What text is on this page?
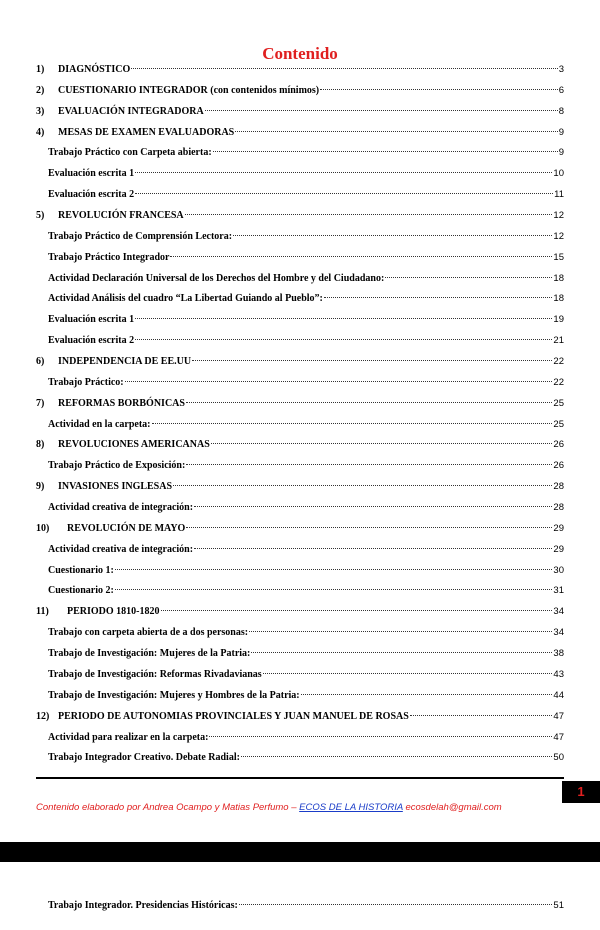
Contenido
1)	DIAGNÓSTICO	3
2)	CUESTIONARIO INTEGRADOR (con contenidos mínimos)	6
3)	EVALUACIÓN INTEGRADORA	8
4)	MESAS DE EXAMEN EVALUADORAS	9
Trabajo Práctico con Carpeta abierta:	9
Evaluación escrita 1	10
Evaluación escrita 2	11
5)	REVOLUCIÓN FRANCESA	12
Trabajo Práctico de Comprensión Lectora:	12
Trabajo Práctico Integrador	15
Actividad Declaración Universal de los Derechos del Hombre y del Ciudadano:	18
Actividad Análisis del cuadro “La Libertad Guiando al Pueblo”:	18
Evaluación escrita 1	19
Evaluación escrita 2	21
6)	INDEPENDENCIA DE EE.UU	22
Trabajo Práctico:	22
7)	REFORMAS BORBÓNICAS	25
Actividad en la carpeta:	25
8)	REVOLUCIONES AMERICANAS	26
Trabajo Práctico de Exposición:	26
9)	INVASIONES INGLESAS	28
Actividad creativa de integración:	28
10)	REVOLUCIÓN DE MAYO	29
Actividad creativa de integración:	29
Cuestionario 1:	30
Cuestionario 2:	31
11)	PERIODO 1810-1820	34
Trabajo con carpeta abierta de a dos personas:	34
Trabajo de Investigación: Mujeres de la Patria:	38
Trabajo de Investigación: Reformas Rivadavianas	43
Trabajo de Investigación: Mujeres y Hombres de la Patria:	44
12) PERIODO DE AUTONOMIAS PROVINCIALES Y JUAN MANUEL DE ROSAS	47
Actividad para realizar en la carpeta:	47
Trabajo Integrador Creativo. Debate Radial:	50
1
Contenido elaborado por Andrea Ocampo y Matias Perfumo – ECOS DE LA HISTORIA ecosdelah@gmail.com
Trabajo Integrador. Presidencias Históricas:	51
